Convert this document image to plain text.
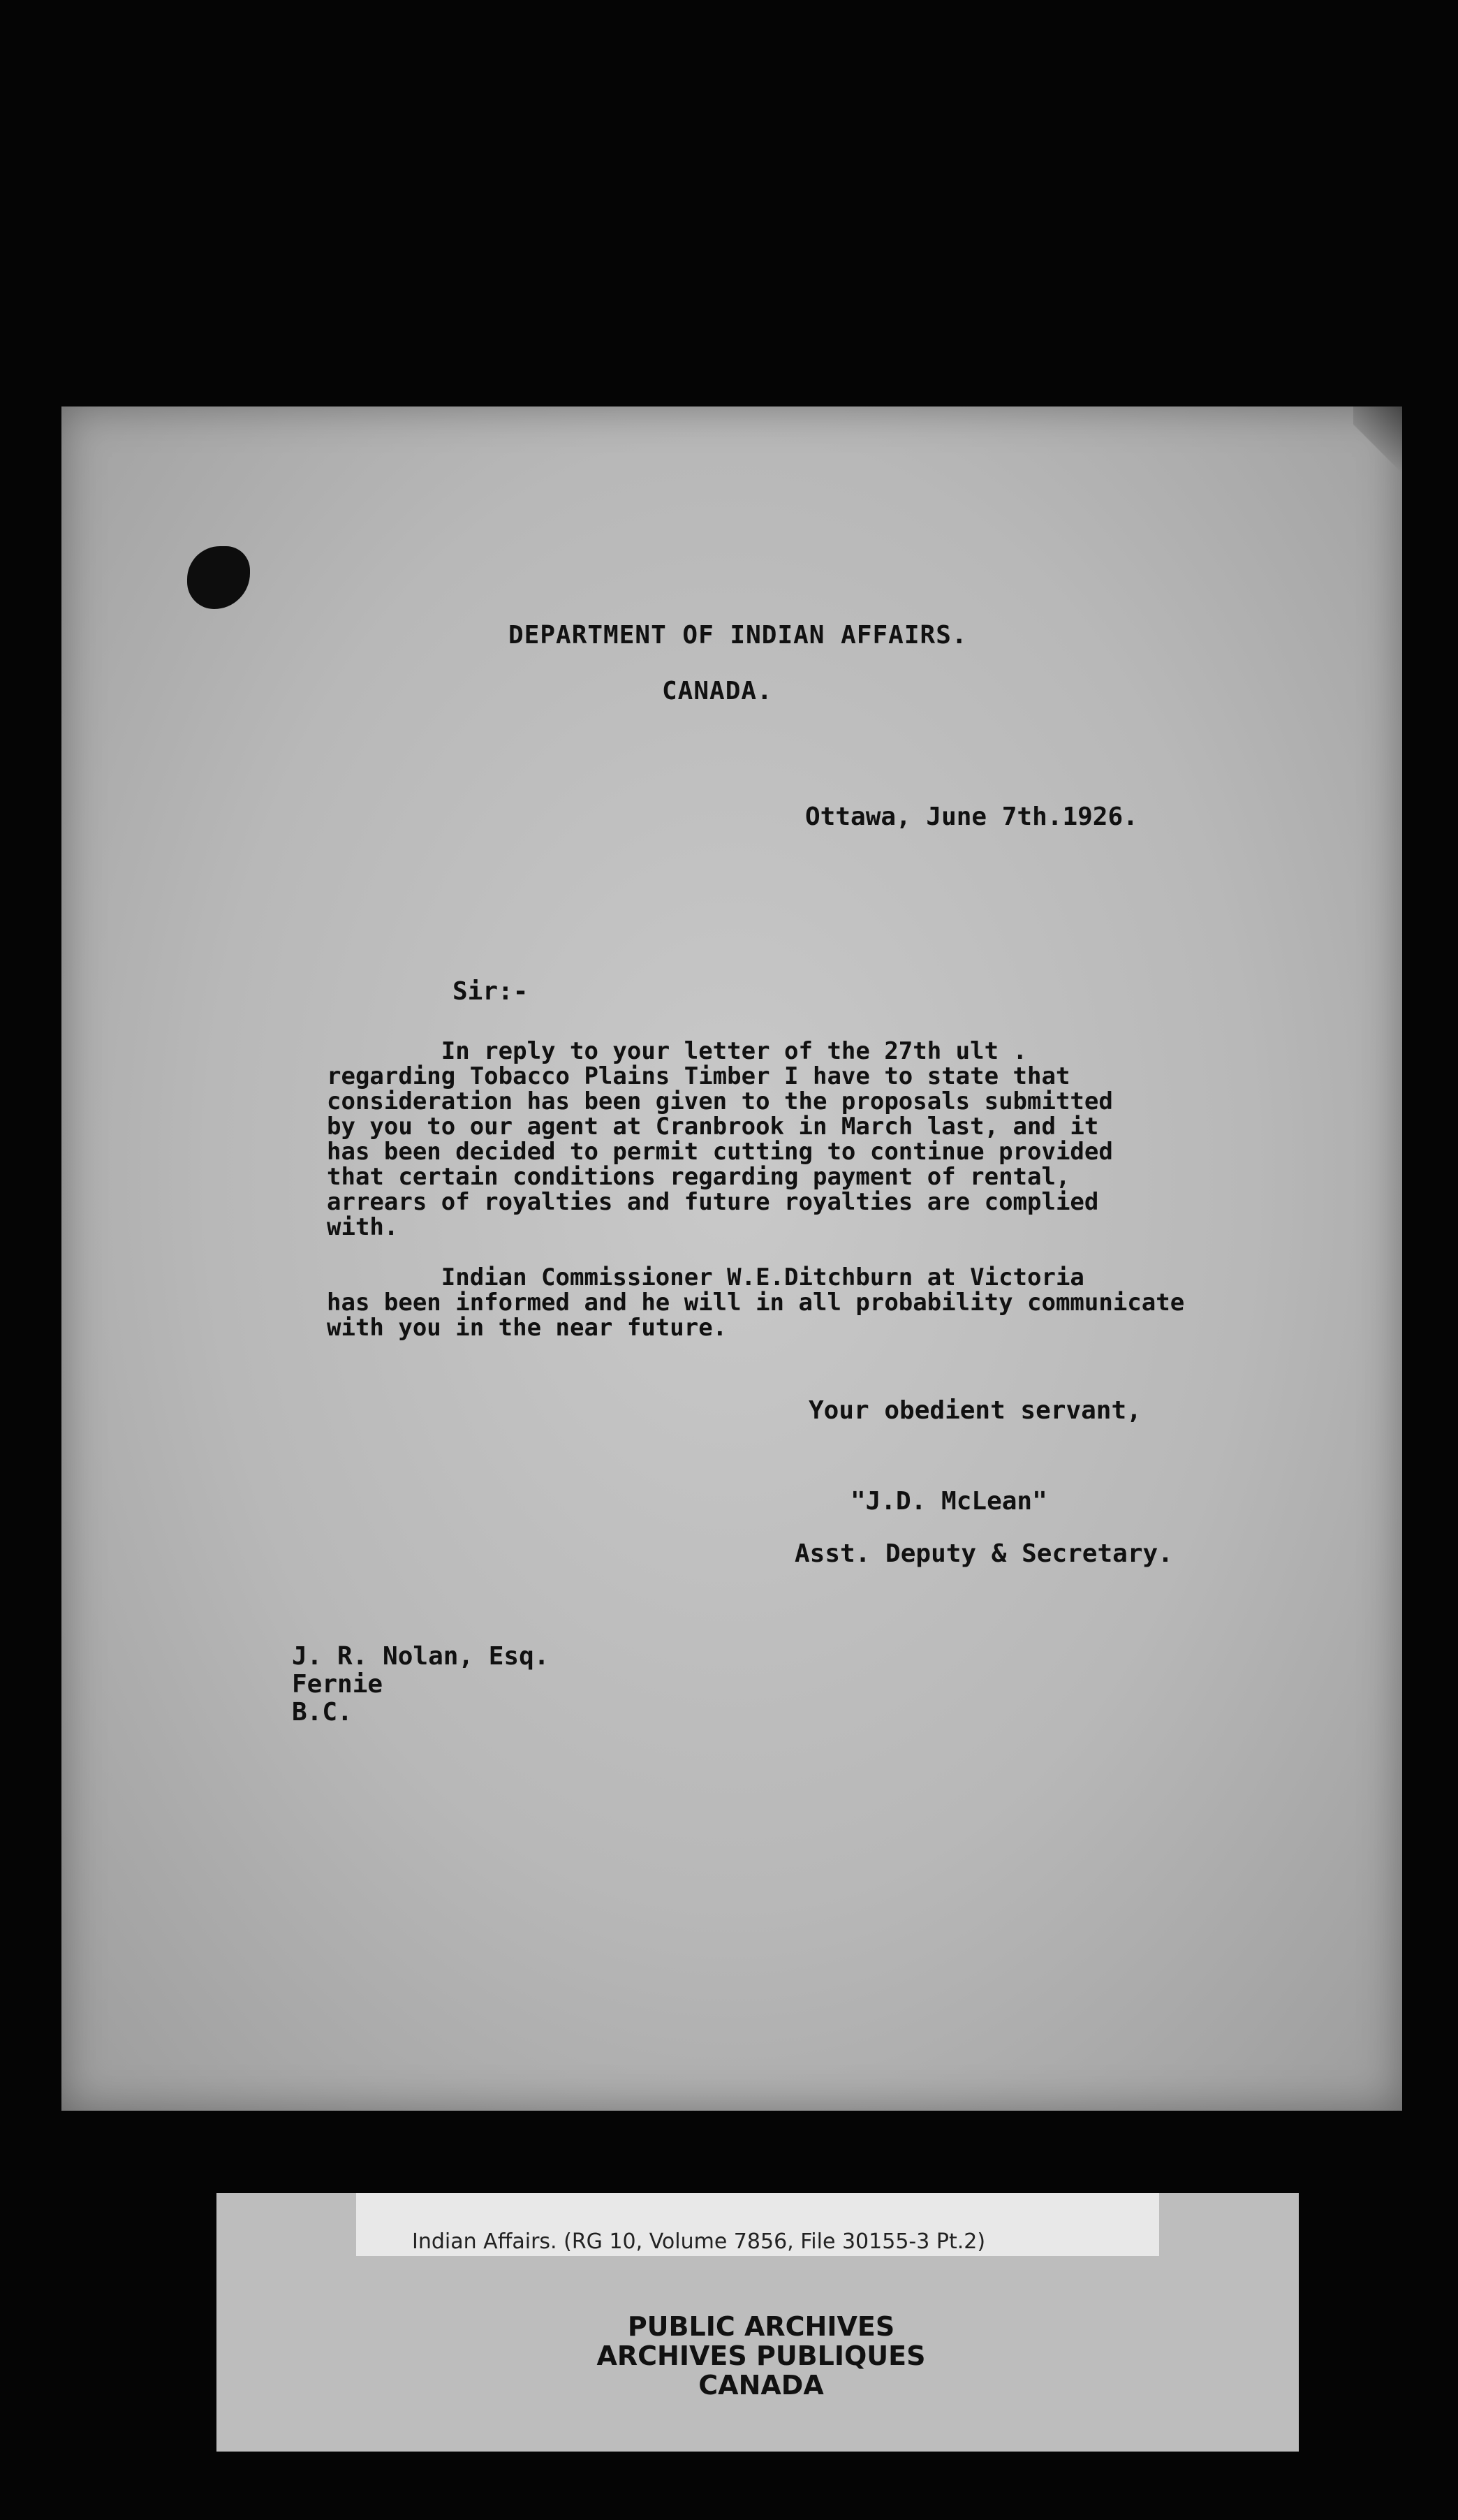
DEPARTMENT OF INDIAN AFFAIRS.
CANADA.
Ottawa, June 7th.1926.
Sir:-
In reply to your letter of the 27th ult .
regarding Tobacco Plains Timber I have to state that
consideration has been given to the proposals submitted
by you to our agent at Cranbrook in March last, and it
has been decided to permit cutting to continue provided
that certain conditions regarding payment of rental,
arrears of royalties and future royalties are complied
with.

Indian Commissioner W.E.Ditchburn at Victoria
has been informed and he will in all probability communicate
with you in the near future.
Your obedient servant,
"J.D. McLean"
Asst. Deputy & Secretary.
J. R. Nolan, Esq.
Fernie
B.C.
Indian Affairs. (RG 10, Volume 7856, File 30155-3 Pt.2)
PUBLIC ARCHIVES
ARCHIVES PUBLIQUES
CANADA
